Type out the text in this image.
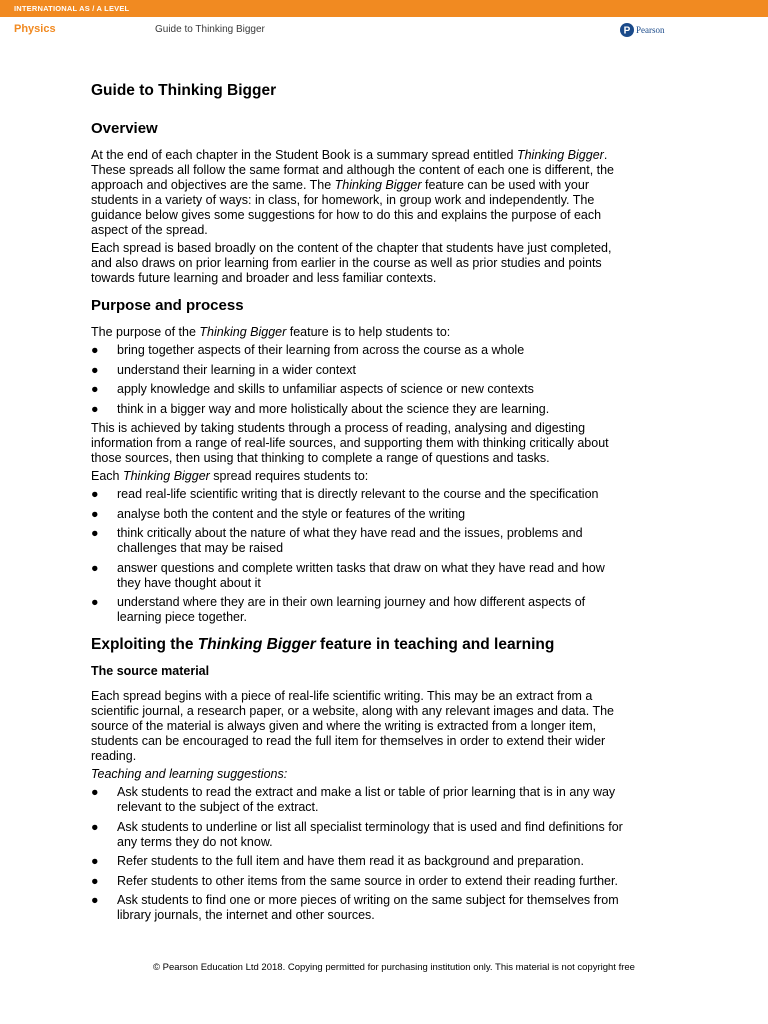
INTERNATIONAL AS / A LEVEL
Physics	Guide to Thinking Bigger	P Pearson
Guide to Thinking Bigger
Overview

At the end of each chapter in the Student Book is a summary spread entitled Thinking Bigger. These spreads all follow the same format and although the content of each one is different, the approach and objectives are the same. The Thinking Bigger feature can be used with your students in a variety of ways: in class, for homework, in group work and independently. The guidance below gives some suggestions for how to do this and explains the purpose of each aspect of the spread.

Each spread is based broadly on the content of the chapter that students have just completed, and also draws on prior learning from earlier in the course as well as prior studies and points towards future learning and broader and less familiar contexts.

Purpose and process

The purpose of the Thinking Bigger feature is to help students to:

● bring together aspects of their learning from across the course as a whole
● understand their learning in a wider context
● apply knowledge and skills to unfamiliar aspects of science or new contexts
● think in a bigger way and more holistically about the science they are learning.

This is achieved by taking students through a process of reading, analysing and digesting information from a range of real-life sources, and supporting them with thinking critically about those sources, then using that thinking to complete a range of questions and tasks.

Each Thinking Bigger spread requires students to:

● read real-life scientific writing that is directly relevant to the course and the specification
● analyse both the content and the style or features of the writing
● think critically about the nature of what they have read and the issues, problems and challenges that may be raised
● answer questions and complete written tasks that draw on what they have read and how they have thought about it
● understand where they are in their own learning journey and how different aspects of learning piece together.
Exploiting the Thinking Bigger feature in teaching and learning
The source material

Each spread begins with a piece of real-life scientific writing. This may be an extract from a scientific journal, a research paper, or a website, along with any relevant images and data. The source of the material is always given and where the writing is extracted from a longer item, students can be encouraged to read the full item for themselves in order to extend their wider reading.

Teaching and learning suggestions:

● Ask students to read the extract and make a list or table of prior learning that is in any way relevant to the subject of the extract.
● Ask students to underline or list all specialist terminology that is used and find definitions for any terms they do not know.
● Refer students to the full item and have them read it as background and preparation.
● Refer students to other items from the same source in order to extend their reading further.
● Ask students to find one or more pieces of writing on the same subject for themselves from library journals, the internet and other sources.
© Pearson Education Ltd 2018. Copying permitted for purchasing institution only. This material is not copyright free
